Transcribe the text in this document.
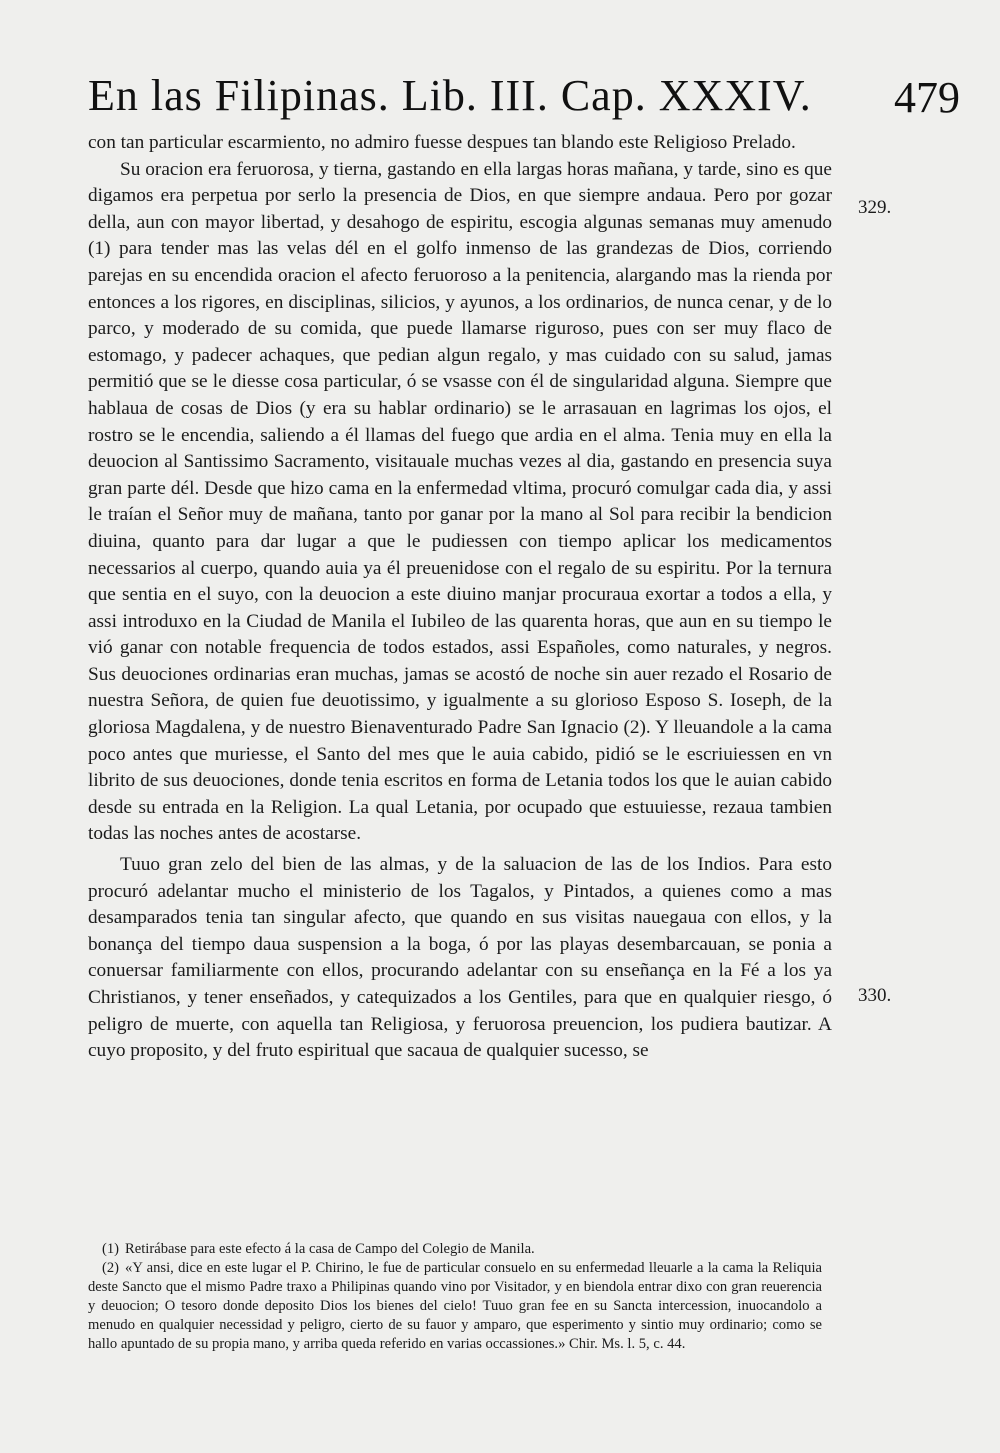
En las Filipinas. Lib. III. Cap. XXXIV. 479
329.
330.

con tan particular escarmiento, no admiro fuesse despues tan blando este Religioso Prelado.

Su oracion era feruorosa, y tierna, gastando en ella largas horas mañana, y tarde, sino es que digamos era perpetua por serlo la presencia de Dios, en que siempre andaua. Pero por gozar della, aun con mayor libertad, y desahogo de espiritu, escogia algunas semanas muy amenudo (1) para tender mas las velas dél en el golfo inmenso de las grandezas de Dios, corriendo parejas en su encendida oracion el afecto feruoroso a la penitencia, alargando mas la rienda por entonces a los rigores, en disciplinas, silicios, y ayunos, a los ordinarios, de nunca cenar, y de lo parco, y moderado de su comida, que puede llamarse riguroso, pues con ser muy flaco de estomago, y padecer achaques, que pedian algun regalo, y mas cuidado con su salud, jamas permitió que se le diesse cosa particular, ó se vsasse con él de singularidad alguna. Siempre que hablaua de cosas de Dios (y era su hablar ordinario) se le arrasauan en lagrimas los ojos, el rostro se le encendia, saliendo a él llamas del fuego que ardia en el alma. Tenia muy en ella la deuocion al Santissimo Sacramento, visitauale muchas vezes al dia, gastando en presencia suya gran parte dél. Desde que hizo cama en la enfermedad vltima, procuró comulgar cada dia, y assi le traían el Señor muy de mañana, tanto por ganar por la mano al Sol para recibir la bendicion diuina, quanto para dar lugar a que le pudiessen con tiempo aplicar los medicamentos necessarios al cuerpo, quando auia ya él preuenidose con el regalo de su espiritu. Por la ternura que sentia en el suyo, con la deuocion a este diuino manjar procuraua exortar a todos a ella, y assi introduxo en la Ciudad de Manila el Iubileo de las quarenta horas, que aun en su tiempo le vió ganar con notable frequencia de todos estados, assi Españoles, como naturales, y negros. Sus deuociones ordinarias eran muchas, jamas se acostó de noche sin auer rezado el Rosario de nuestra Señora, de quien fue deuotissimo, y igualmente a su glorioso Esposo S. Ioseph, de la gloriosa Magdalena, y de nuestro Bienaventurado Padre San Ignacio (2). Y lleuandole a la cama poco antes que muriesse, el Santo del mes que le auia cabido, pidió se le escriuiessen en vn librito de sus deuociones, donde tenia escritos en forma de Letania todos los que le auian cabido desde su entrada en la Religion. La qual Letania, por ocupado que estuuiesse, rezaua tambien todas las noches antes de acostarse.

Tuuo gran zelo del bien de las almas, y de la saluacion de las de los Indios. Para esto procuró adelantar mucho el ministerio de los Tagalos, y Pintados, a quienes como a mas desamparados tenia tan singular afecto, que quando en sus visitas nauegaua con ellos, y la bonança del tiempo daua suspension a la boga, ó por las playas desembarcauan, se ponia a conuersar familiarmente con ellos, procurando adelantar con su enseñança en la Fé a los ya Christianos, y tener enseñados, y catequizados a los Gentiles, para que en qualquier riesgo, ó peligro de muerte, con aquella tan Religiosa, y feruorosa preuencion, los pudiera bautizar. A cuyo proposito, y del fruto espiritual que sacaua de qualquier sucesso, se

(1) Retirábase para este efecto á la casa de Campo del Colegio de Manila.

(2) «Y ansi, dice en este lugar el P. Chirino, le fue de particular consuelo en su enfermedad lleuarle a la cama la Reliquia deste Sancto que el mismo Padre traxo a Philipinas quando vino por Visitador, y en biendola entrar dixo con gran reuerencia y deuocion; O tesoro donde deposito Dios los bienes del cielo! Tuuo gran fee en su Sancta intercession, inuocandolo a menudo en qualquier necessidad y peligro, cierto de su fauor y amparo, que esperimento y sintio muy ordinario; como se hallo apuntado de su propia mano, y arriba queda referido en varias occassiones.» Chir. Ms. l. 5, c. 44.
